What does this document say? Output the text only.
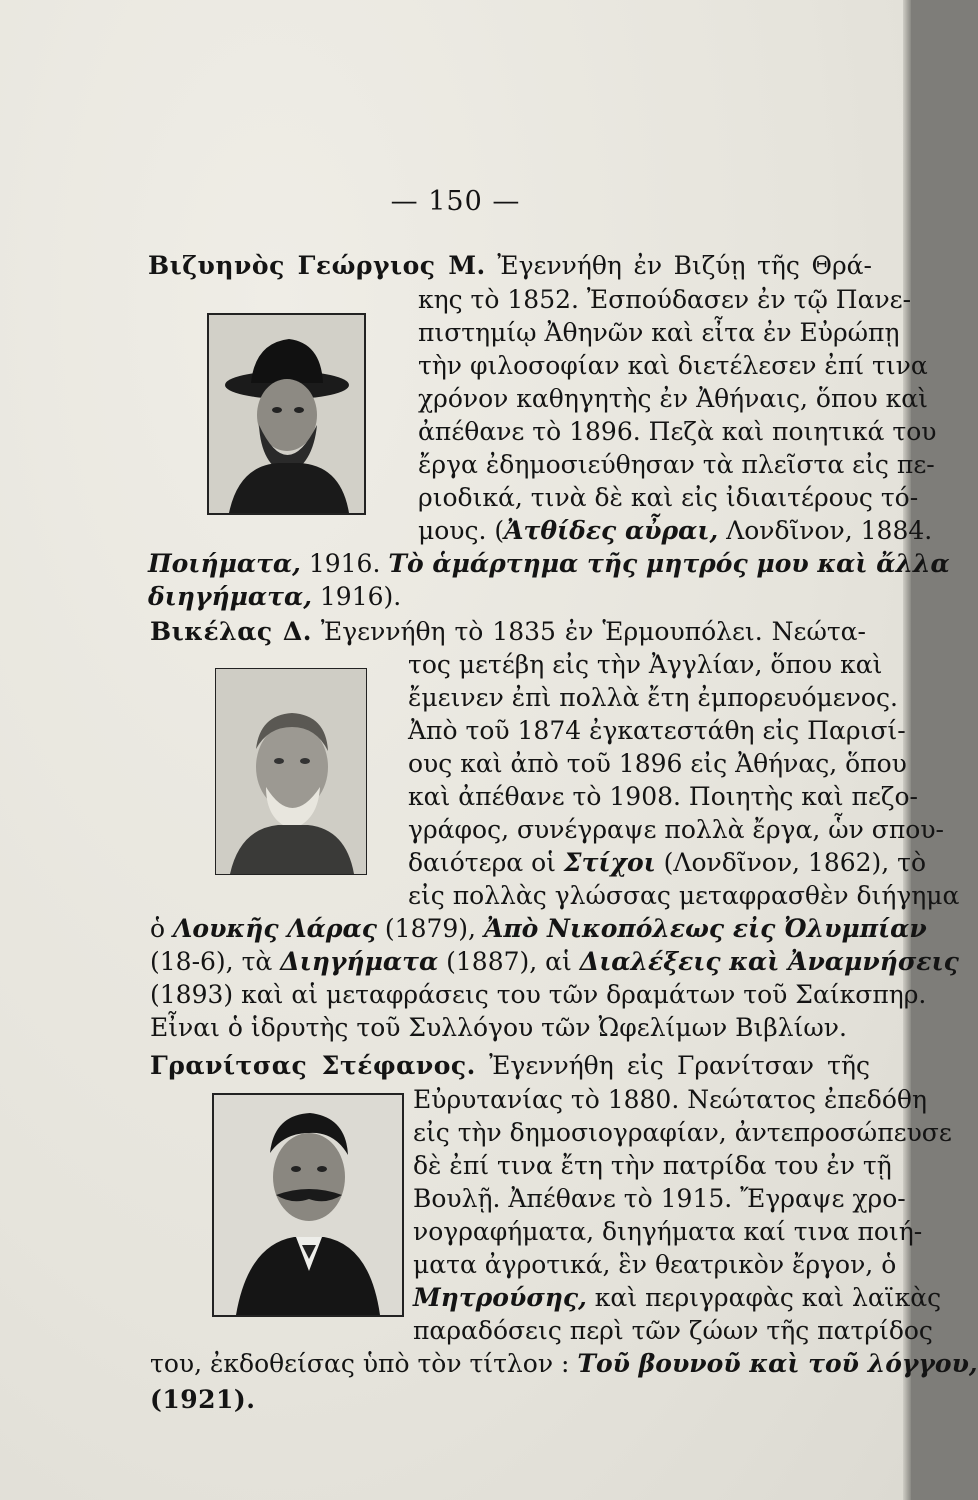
— 150 —
Βιζυηνὸς Γεώργιος Μ. Ἐγεννήθη ἐν Βιζύῃ τῆς Θρά-
κης τὸ 1852. Ἐσπούδασεν ἐν τῷ Πανε-
πιστημίῳ Ἀθηνῶν καὶ εἶτα ἐν Εὐρώπῃ
τὴν φιλοσοφίαν καὶ διετέλεσεν ἐπί τινα
χρόνον καθηγητὴς ἐν Ἀθήναις, ὅπου καὶ
ἀπέθανε τὸ 1896. Πεζὰ καὶ ποιητικά του
ἔργα ἐδημοσιεύθησαν τὰ πλεῖστα εἰς πε-
ριοδικά, τινὰ δὲ καὶ εἰς ἰδιαιτέρους τό-
μους. (Ἀτθίδες αὖραι, Λονδῖνον, 1884.
Ποιήματα, 1916. Τὸ ἁμάρτημα τῆς μητρός μου καὶ ἄλλα
διηγήματα, 1916).
Βικέλας Δ. Ἐγεννήθη τὸ 1835 ἐν Ἑρμουπόλει. Νεώτα-
τος μετέβη εἰς τὴν Ἀγγλίαν, ὅπου καὶ
ἔμεινεν ἐπὶ πολλὰ ἔτη ἐμπορευόμενος.
Ἀπὸ τοῦ 1874 ἐγκατεστάθη εἰς Παρισί-
ους καὶ ἀπὸ τοῦ 1896 εἰς Ἀθήνας, ὅπου
καὶ ἀπέθανε τὸ 1908. Ποιητὴς καὶ πεζο-
γράφος, συνέγραψε πολλὰ ἔργα, ὧν σπου-
δαιότερα οἱ Στίχοι (Λονδῖνον, 1862), τὸ
εἰς πολλὰς γλώσσας μεταφρασθὲν διήγημα
ὁ Λουκῆς Λάρας (1879), Ἀπὸ Νικοπόλεως εἰς Ὀλυμπίαν
(18-6), τὰ Διηγήματα (1887), αἱ Διαλέξεις καὶ Ἀναμνήσεις
(1893) καὶ αἱ μεταφράσεις του τῶν δραμάτων τοῦ Σαίκσπηρ.
Εἶναι ὁ ἱδρυτὴς τοῦ Συλλόγου τῶν Ὠφελίμων Βιβλίων.
Γρανίτσας Στέφανος. Ἐγεννήθη εἰς Γρανίτσαν τῆς
Εὐρυτανίας τὸ 1880. Νεώτατος ἐπεδόθη
εἰς τὴν δημοσιογραφίαν, ἀντεπροσώπευσε
δὲ ἐπί τινα ἔτη τὴν πατρίδα του ἐν τῇ
Βουλῇ. Ἀπέθανε τὸ 1915. Ἔγραψε χρο-
νογραφήματα, διηγήματα καί τινα ποιή-
ματα ἀγροτικά, ἓν θεατρικὸν ἔργον, ὁ
Μητρούσης, καὶ περιγραφὰς καὶ λαϊκὰς
παραδόσεις περὶ τῶν ζώων τῆς πατρίδος
του, ἐκδοθείσας ὑπὸ τὸν τίτλον : Τοῦ βουνοῦ καὶ τοῦ λόγγου,
(1921).
